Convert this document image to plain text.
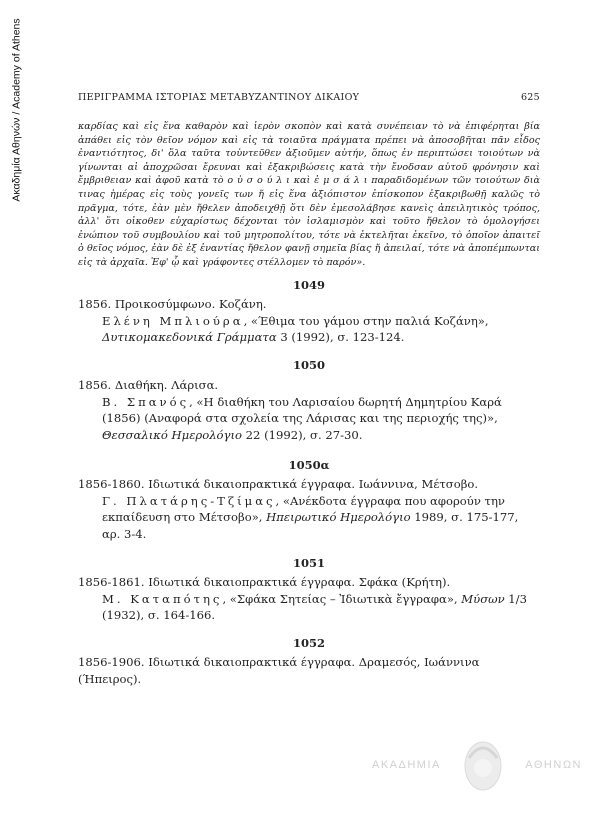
Ακαδημία Αθηνών / Academy of Athens	ΠΕΡΙΓΡΑΜΜΑ ΙΣΤΟΡΙΑΣ ΜΕΤΑΒΥΖΑΝΤΙΝΟΥ ΔΙΚΑΙΟΥ	625
καρδίας καὶ εἰς ἕνα καθαρὸν καὶ ἱερὸν σκοπὸν καὶ κατὰ συνέπειαν τὸ νὰ ἐπιφέρηται βία ἀπάθει εἰς τὸν θεῖον νόμον καὶ εἰς τὰ τοιαῦτα πράγματα πρέπει νὰ ἀποσοβῆται πᾶν εἶδος ἐναντιότητος, δι' ὅλα ταῦτα τοὐντεῦθεν ἀξιοῦμεν αὐτήν, ὅπως ἐν περιπτώσει τοιούτων νὰ γίνωνται αἱ ἀποχρῶσαι ἔρευναι καὶ ἐξακριβώσεις κατὰ τὴν ἔνοδσαν αὐτοῦ φρόνησιν καὶ ἔμβριθειαν καὶ ἀφοῦ κατὰ τὸ ο ὐ σ ο ύ λ ι καὶ ἐ μ σ ά λ ι παραδιδομένων τῶν τοιούτων διὰ τινας ἡμέρας εἰς τοὺς γονεῖς των ἤ εἰς ἕνα ἀξιόπιστον ἐπίσκοπον ἐξακριβωθῇ καλῶς τὸ πρᾶγμα, τότε, ἐὰν μὲν ἤθελεν ἀποδειχθῇ ὅτι δὲν ἐμεσολάβησε κανεὶς ἀπειλητικὸς τρόπος, ἀλλ' ὅτι οἰκοθεν εὐχαρίστως δέχονται τὸν ἰσλαμισμὸν καὶ τοῦτο ἤθελον τὸ ὁμολογήσει ἐνώπιον τοῦ συμβουλίου καὶ τοῦ μητροπολίτου, τότε νὰ ἐκτελῆται ἐκεῖνο, τὸ ὁποῖον ἀπαιτεῖ ὁ θεῖος νόμος, ἐὰν δὲ ἐξ ἐναντίας ἤθελον φανῇ σημεῖα βίας ἤ ἀπειλαί, τότε νὰ ἀποπέμπωνται εἰς τὰ ἀρχαῖα. Ἐφ' ᾧ καὶ γράφοντες στέλλομεν τὸ παρόν».
1049
1856. Προικοσύμφωνο. Κοζάνη.
Ελένη Μπλιούρα, «Έθιμα του γάμου στην παλιά Κοζάνη», Δυτικομακεδονικά Γράμματα 3 (1992), σ. 123-124.
1050
1856. Διαθήκη. Λάρισα.
Β. Σπανός, «Η διαθήκη του Λαρισαίου δωρητή Δημητρίου Καρά (1856) (Αναφορά στα σχολεία της Λάρισας και της περιοχής της)», Θεσσαλικό Ημερολόγιο 22 (1992), σ. 27-30.
1050α
1856-1860. Ιδιωτικά δικαιοπρακτικά έγγραφα. Ιωάννινα, Μέτσοβο.
Γ. Πλατάρης-Τζίμας, «Ανέκδοτα έγγραφα που αφορούν την εκπαίδευση στο Μέτσοβο», Ηπειρωτικό Ημερολόγιο 1989, σ. 175-177, αρ. 3-4.
1051
1856-1861. Ιδιωτικά δικαιοπρακτικά έγγραφα. Σφάκα (Κρήτη).
Μ. Καταπότης, «Σφάκα Σητείας – Ἰδιωτικὰ ἔγγραφα», Μύσων 1/3 (1932), σ. 164-166.
1052
1856-1906. Ιδιωτικά δικαιοπρακτικά έγγραφα. Δραμεσός, Ιωάννινα (Ήπειρος).
ΑΚΑΔΗΜΙΑ	ΑΘΗΝΩΝ
